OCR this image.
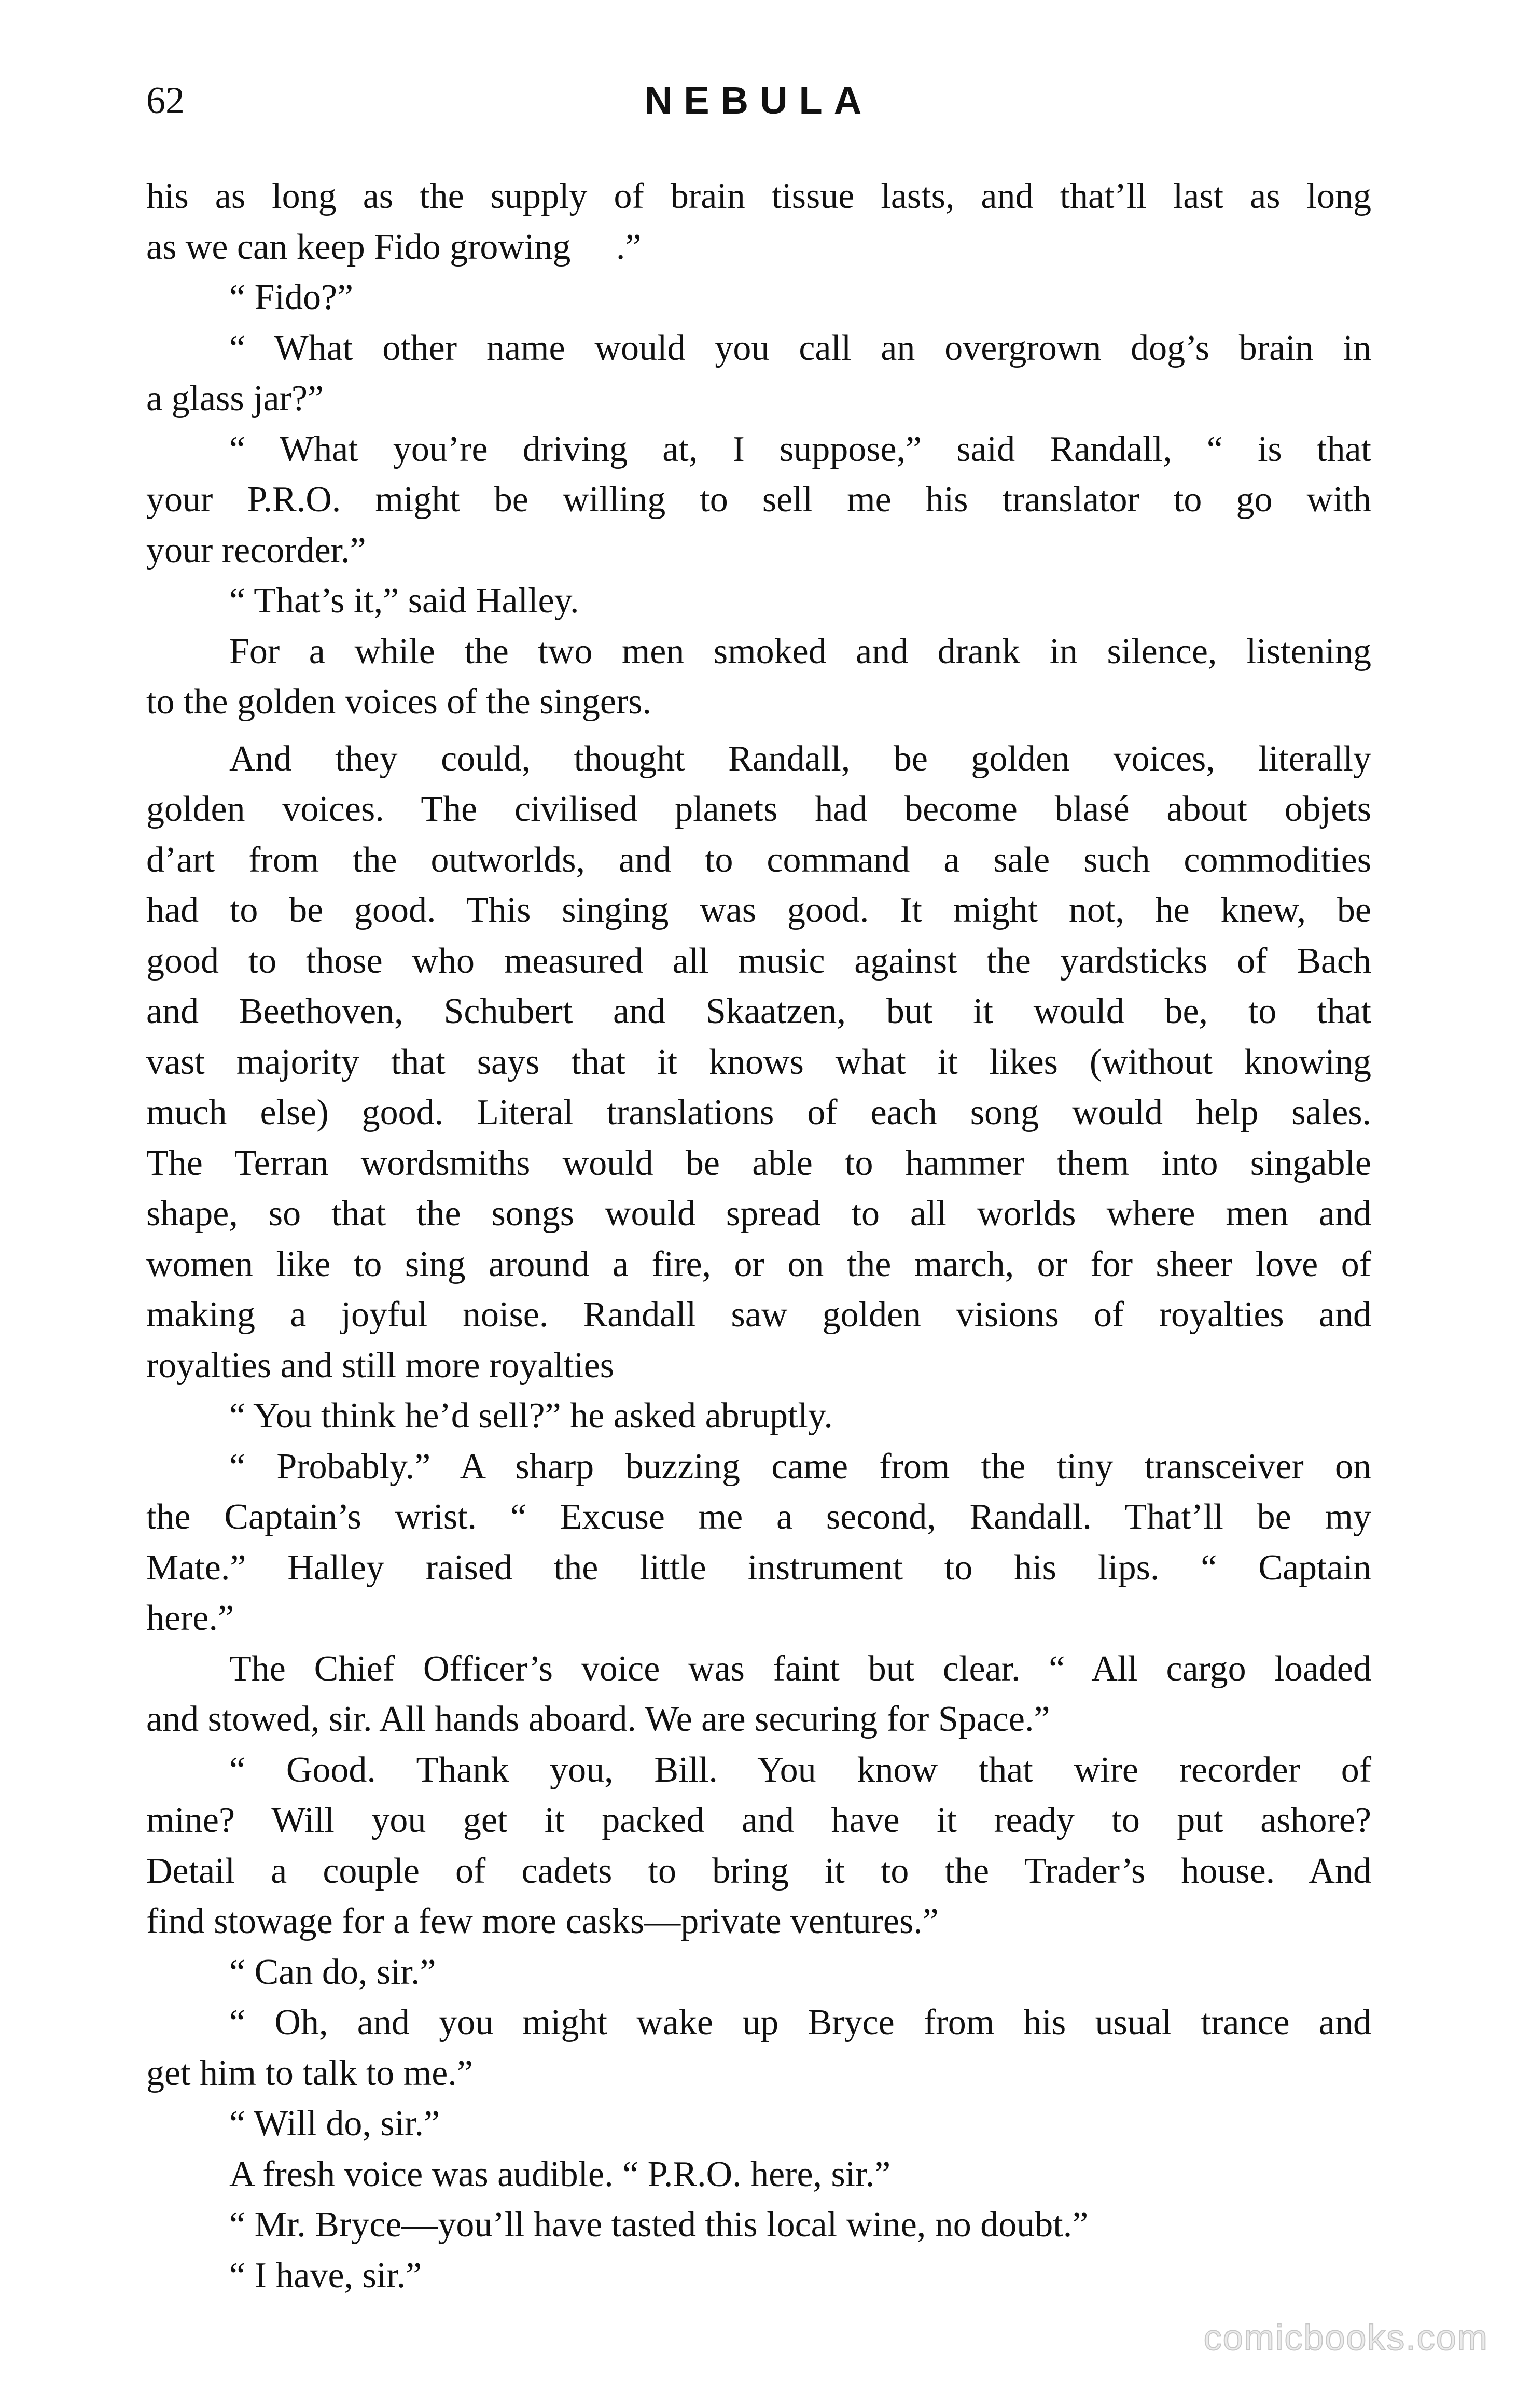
62	NEBULA
his as long as the supply of brain tissue lasts, and that’ll last as long
as we can keep Fido growing     .”
“ Fido?”
“ What other name would you call an overgrown dog’s brain in
a glass jar?”
“ What you’re driving at, I suppose,” said Randall, “ is that
your P.R.O. might be willing to sell me his translator to go with
your recorder.”
“ That’s it,” said Halley.
For a while the two men smoked and drank in silence, listening
to the golden voices of the singers.
And they could, thought Randall, be golden voices, literally
golden voices. The civilised planets had become blasé about objets
d’art from the outworlds, and to command a sale such commodities
had to be good. This singing was good. It might not, he knew, be
good to those who measured all music against the yardsticks of Bach
and Beethoven, Schubert and Skaatzen, but it would be, to that
vast majority that says that it knows what it likes (without knowing
much else) good. Literal translations of each song would help sales.
The Terran wordsmiths would be able to hammer them into singable
shape, so that the songs would spread to all worlds where men and
women like to sing around a fire, or on the march, or for sheer love of
making a joyful noise. Randall saw golden visions of royalties and
royalties and still more royalties
“ You think he’d sell?” he asked abruptly.
“ Probably.” A sharp buzzing came from the tiny transceiver on
the Captain’s wrist. “ Excuse me a second, Randall. That’ll be my
Mate.” Halley raised the little instrument to his lips. “ Captain
here.”
The Chief Officer’s voice was faint but clear. “ All cargo loaded
and stowed, sir. All hands aboard. We are securing for Space.”
“ Good. Thank you, Bill. You know that wire recorder of
mine? Will you get it packed and have it ready to put ashore?
Detail a couple of cadets to bring it to the Trader’s house. And
find stowage for a few more casks—private ventures.”
“ Can do, sir.”
“ Oh, and you might wake up Bryce from his usual trance and
get him to talk to me.”
“ Will do, sir.”
A fresh voice was audible. “ P.R.O. here, sir.”
“ Mr. Bryce—you’ll have tasted this local wine, no doubt.”
“ I have, sir.”
comicbooks.com
